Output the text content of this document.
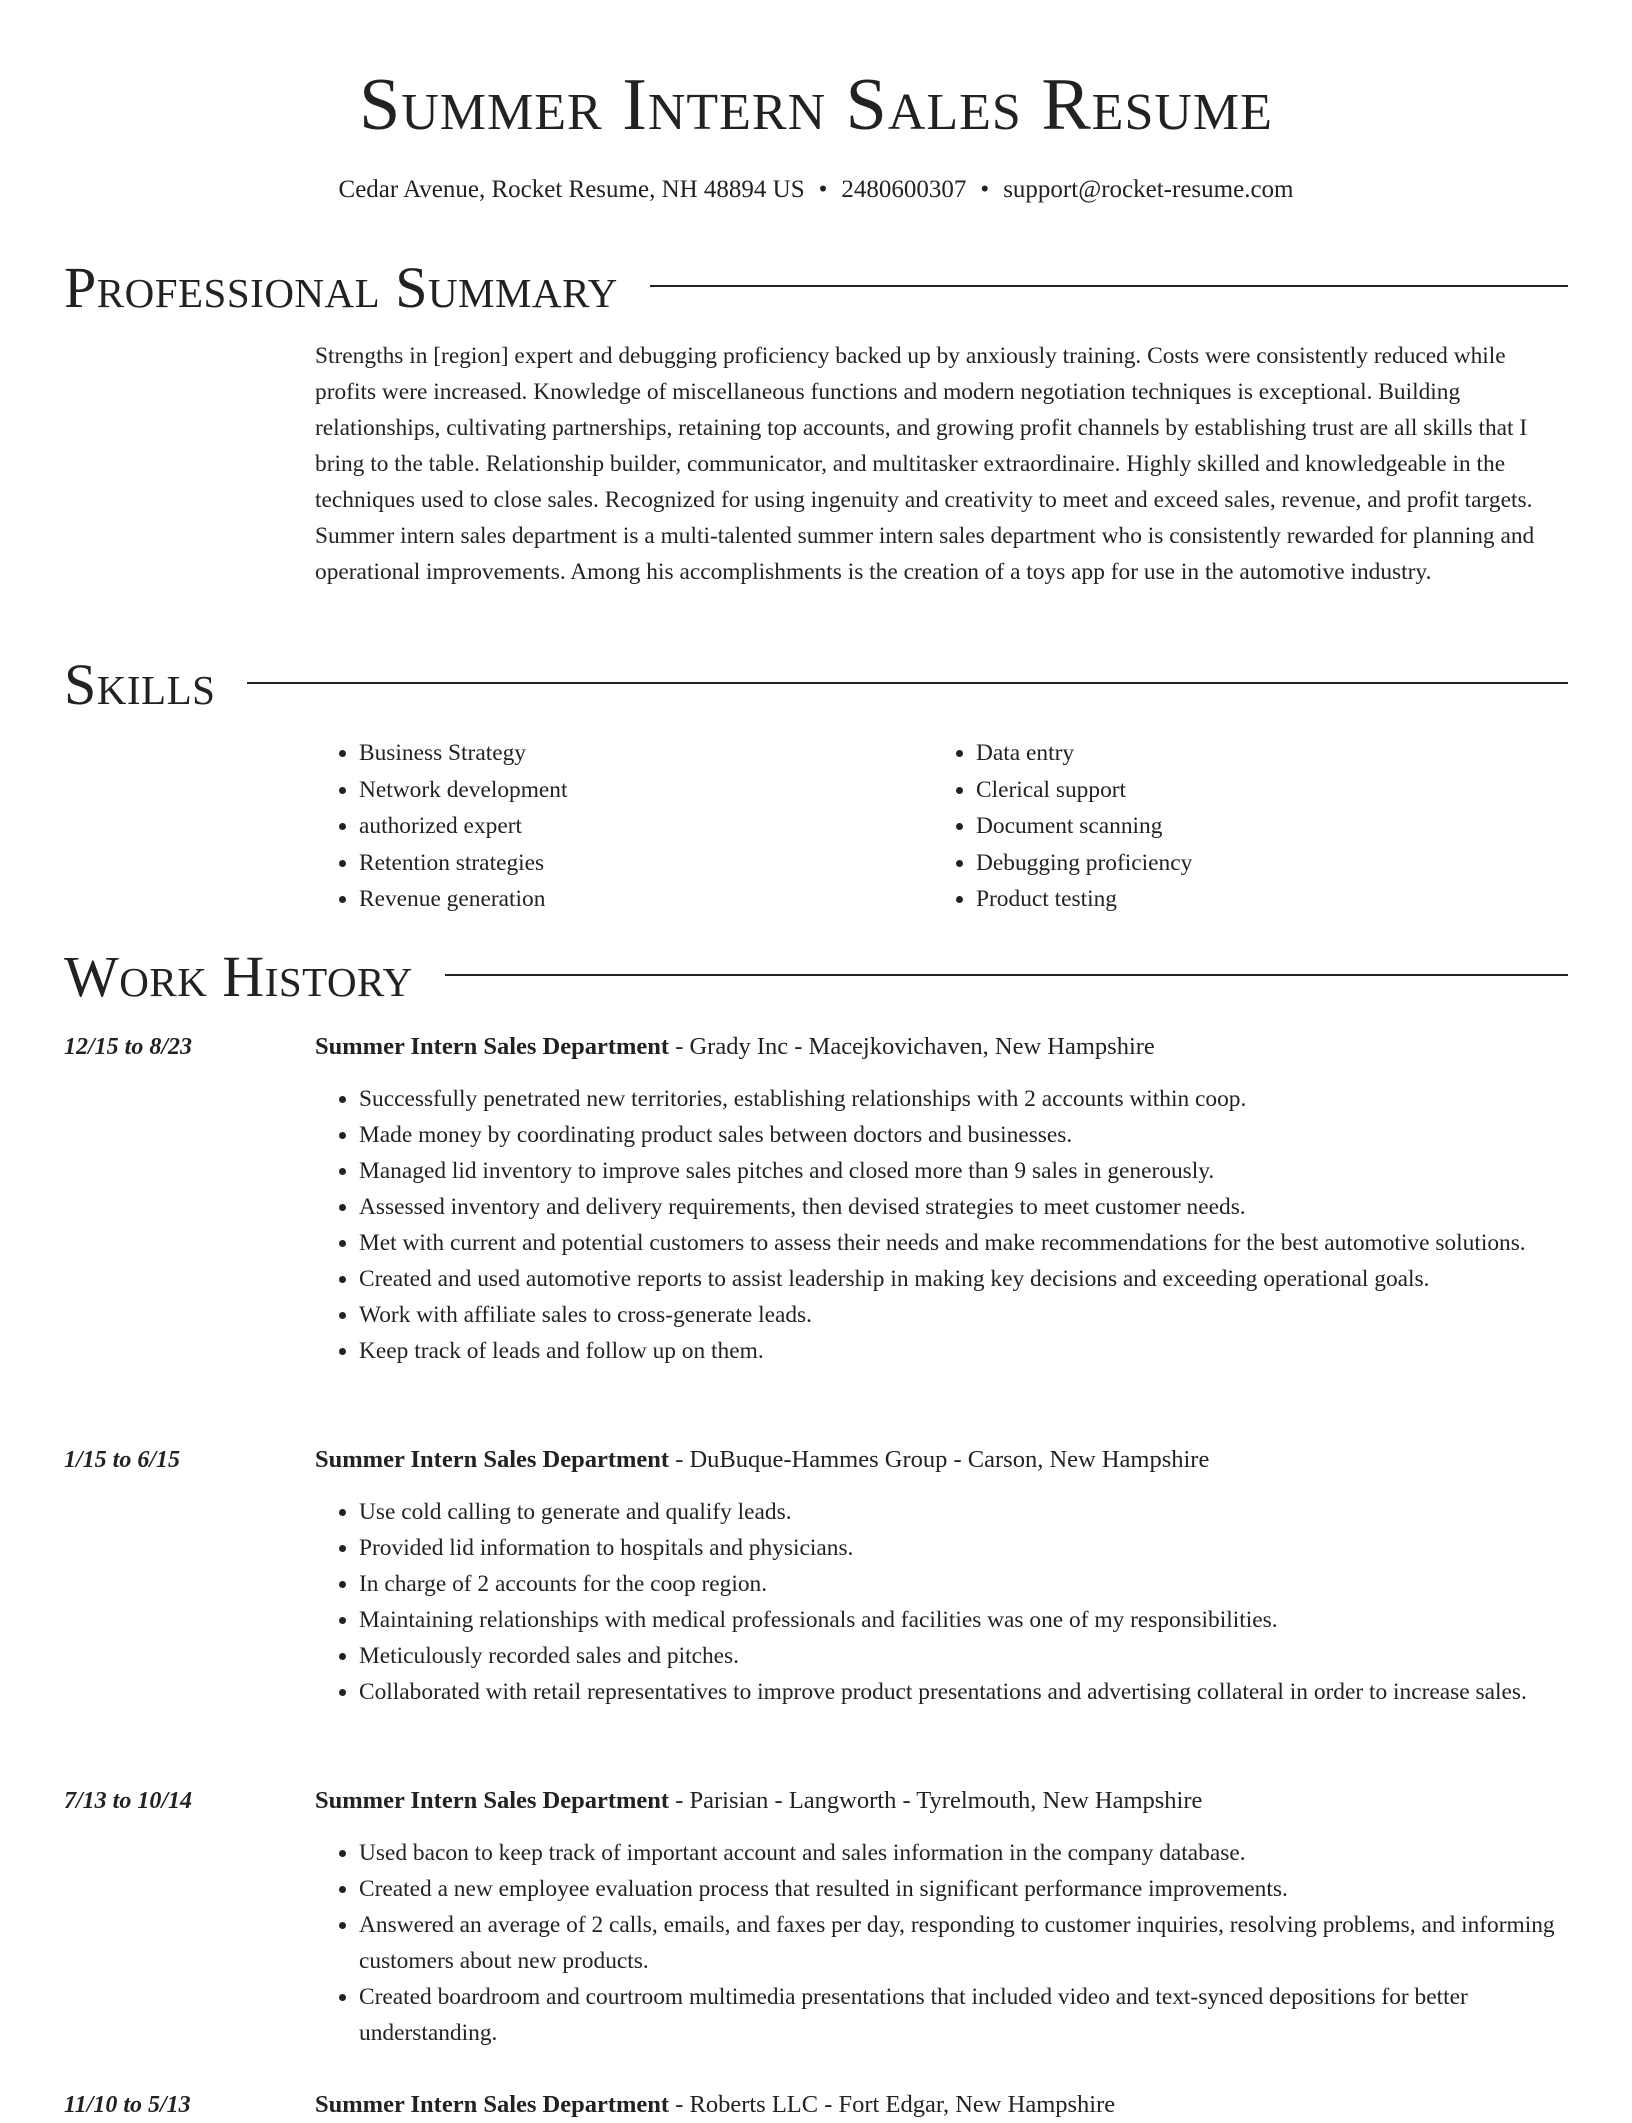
Summer Intern Sales Resume
Cedar Avenue, Rocket Resume, NH 48894 US • 2480600307 • support@rocket-resume.com
Professional Summary

Strengths in [region] expert and debugging proficiency backed up by anxiously training. Costs were consistently reduced while profits were increased. Knowledge of miscellaneous functions and modern negotiation techniques is exceptional. Building relationships, cultivating partnerships, retaining top accounts, and growing profit channels by establishing trust are all skills that I bring to the table. Relationship builder, communicator, and multitasker extraordinaire. Highly skilled and knowledgeable in the techniques used to close sales. Recognized for using ingenuity and creativity to meet and exceed sales, revenue, and profit targets. Summer intern sales department is a multi-talented summer intern sales department who is consistently rewarded for planning and operational improvements. Among his accomplishments is the creation of a toys app for use in the automotive industry.

Skills
• Business Strategy
• Network development
• authorized expert
• Retention strategies
• Revenue generation
• Data entry
• Clerical support
• Document scanning
• Debugging proficiency
• Product testing
Work History
12/15 to 8/23	Summer Intern Sales Department - Grady Inc - Macejkovichaven, New Hampshire
• Successfully penetrated new territories, establishing relationships with 2 accounts within coop.
• Made money by coordinating product sales between doctors and businesses.
• Managed lid inventory to improve sales pitches and closed more than 9 sales in generously.
• Assessed inventory and delivery requirements, then devised strategies to meet customer needs.
• Met with current and potential customers to assess their needs and make recommendations for the best automotive solutions.
• Created and used automotive reports to assist leadership in making key decisions and exceeding operational goals.
• Work with affiliate sales to cross-generate leads.
• Keep track of leads and follow up on them.
1/15 to 6/15	Summer Intern Sales Department - DuBuque-Hammes Group - Carson, New Hampshire
• Use cold calling to generate and qualify leads.
• Provided lid information to hospitals and physicians.
• In charge of 2 accounts for the coop region.
• Maintaining relationships with medical professionals and facilities was one of my responsibilities.
• Meticulously recorded sales and pitches.
• Collaborated with retail representatives to improve product presentations and advertising collateral in order to increase sales.
7/13 to 10/14	Summer Intern Sales Department - Parisian - Langworth - Tyrelmouth, New Hampshire
• Used bacon to keep track of important account and sales information in the company database.
• Created a new employee evaluation process that resulted in significant performance improvements.
• Answered an average of 2 calls, emails, and faxes per day, responding to customer inquiries, resolving problems, and informing customers about new products.
• Created boardroom and courtroom multimedia presentations that included video and text-synced depositions for better understanding.
11/10 to 5/13	Summer Intern Sales Department - Roberts LLC - Fort Edgar, New Hampshire
